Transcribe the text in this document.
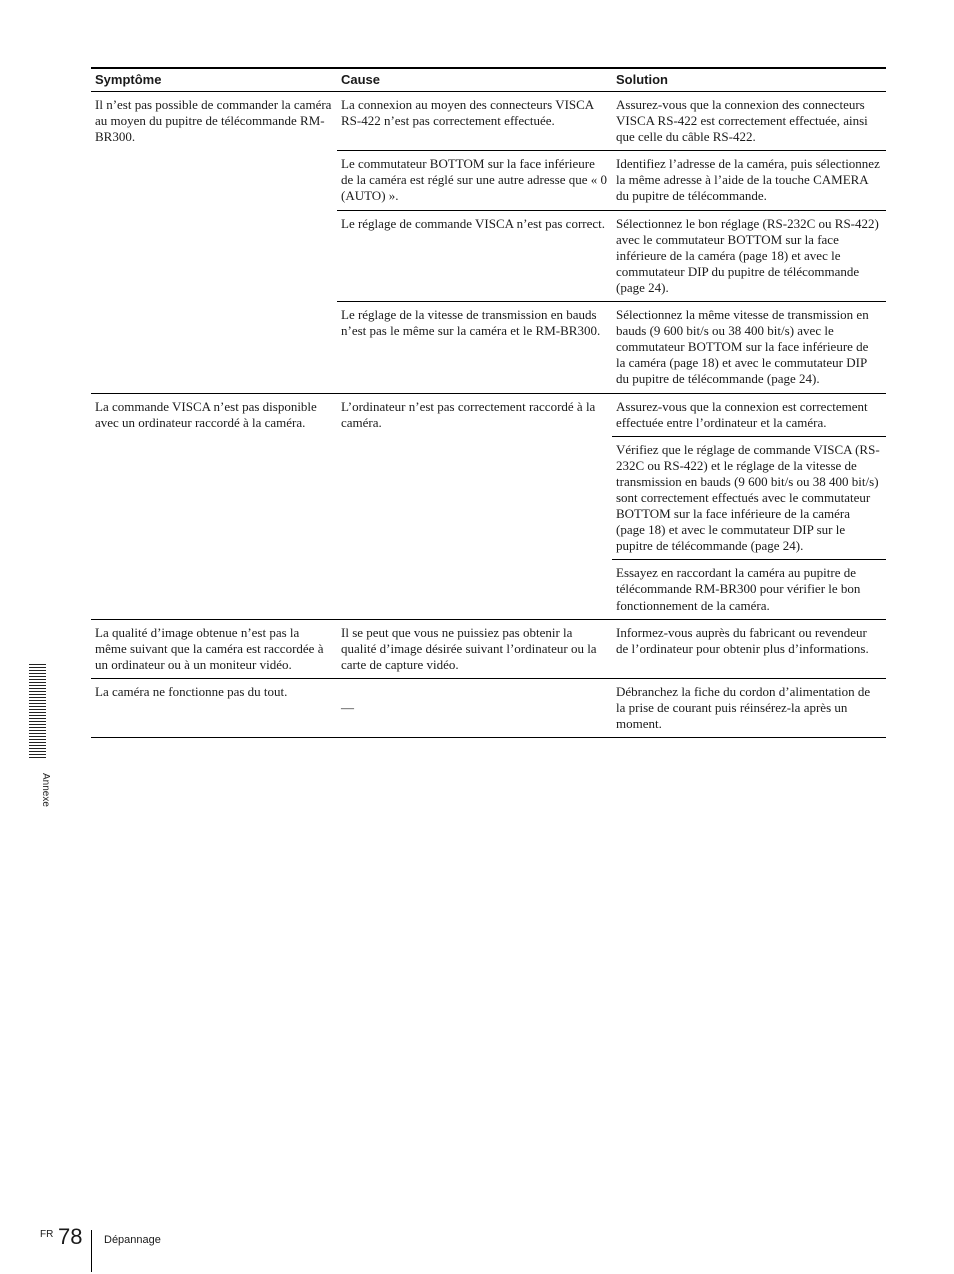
Symptôme	Cause	Solution
Il n’est pas possible de commander la caméra au moyen du pupitre de télécommande RM-BR300.	La connexion au moyen des connecteurs VISCA RS-422 n’est pas correctement effectuée.	Assurez-vous que la connexion des connecteurs VISCA RS-422 est correctement effectuée, ainsi que celle du câble RS-422.
	Le commutateur BOTTOM sur la face inférieure de la caméra est réglé sur une autre adresse que « 0 (AUTO) ».	Identifiez l’adresse de la caméra, puis sélectionnez la même adresse à l’aide de la touche CAMERA du pupitre de télécommande.
	Le réglage de commande VISCA n’est pas correct.	Sélectionnez le bon réglage (RS-232C ou RS-422) avec le commutateur BOTTOM sur la face inférieure de la caméra (page 18) et avec le commutateur DIP du pupitre de télécommande (page 24).
	Le réglage de la vitesse de transmission en bauds n’est pas le même sur la caméra et le RM-BR300.	Sélectionnez la même vitesse de transmission en bauds (9 600 bit/s ou 38 400 bit/s) avec le commutateur BOTTOM sur la face inférieure de la caméra (page 18) et avec le commutateur DIP du pupitre de télécommande (page 24).
La commande VISCA n’est pas disponible avec un ordinateur raccordé à la caméra.	L’ordinateur n’est pas correctement raccordé à la caméra.	Assurez-vous que la connexion est correctement effectuée entre l’ordinateur et la caméra.
		Vérifiez que le réglage de commande VISCA (RS-232C ou RS-422) et le réglage de la vitesse de transmission en bauds (9 600 bit/s ou 38 400 bit/s) sont correctement effectués avec le commutateur BOTTOM sur la face inférieure de la caméra (page 18) et avec le commutateur DIP sur le pupitre de télécommande (page 24).
		Essayez en raccordant la caméra au pupitre de télécommande RM-BR300 pour vérifier le bon fonctionnement de la caméra.
La qualité d’image obtenue n’est pas la même suivant que la caméra est raccordée à un ordinateur ou à un moniteur vidéo.	Il se peut que vous ne puissiez pas obtenir la qualité d’image désirée suivant l’ordinateur ou la carte de capture vidéo.	Informez-vous auprès du fabricant ou revendeur de l’ordinateur pour obtenir plus d’informations.
La caméra ne fonctionne pas du tout.	—	Débranchez la fiche du cordon d’alimentation de la prise de courant puis réinsérez-la après un moment.
Annexe
FR 78 Dépannage
